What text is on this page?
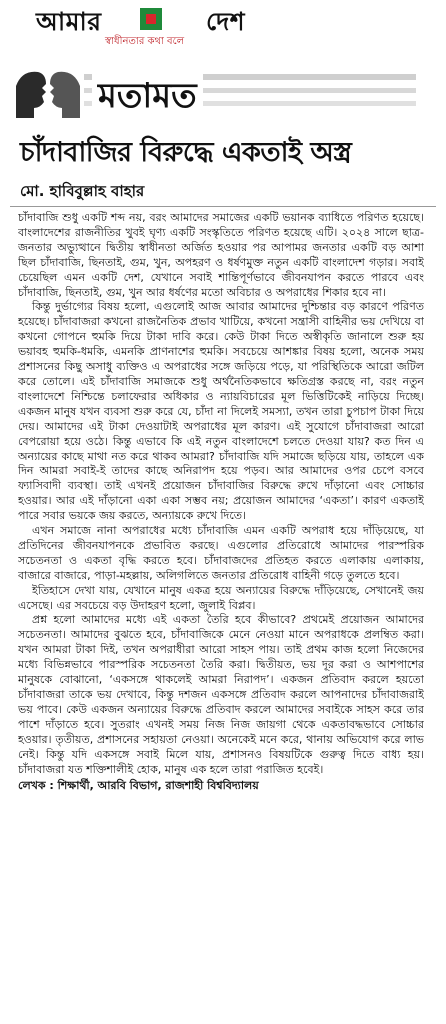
আমার	দেশ
স্বাধীনতার কথা বলে
মতামত
চাঁদাবাজির বিরুদ্ধে একতাই অস্ত্র
মো. হাবিবুল্লাহ বাহার

চাঁদাবাজি শুধু একটি শব্দ নয়, বরং আমাদের সমাজের একটি ভয়ানক ব্যাধিতে পরিণত হয়েছে। বাংলাদেশের রাজনীতির খুবই ঘৃণ্য একটি সংস্কৃতিতে পরিণত হয়েছে এটি। ২০২৪ সালে ছাত্র-জনতার অভ্যুত্থানে দ্বিতীয় স্বাধীনতা অর্জিত হওয়ার পর আপামর জনতার একটি বড় আশা ছিল চাঁদাবাজি, ছিনতাই, গুম, খুন, অপহরণ ও ধর্ষণমুক্ত নতুন একটি বাংলাদেশ গড়ার। সবাই চেয়েছিল এমন একটি দেশ, যেখানে সবাই শান্তিপূর্ণভাবে জীবনযাপন করতে পারবে এবং চাঁদাবাজি, ছিনতাই, গুম, খুন আর ধর্ষণের মতো অবিচার ও অপরাধের শিকার হবে না।

কিন্তু দুর্ভাগ্যের বিষয় হলো, এগুলোই আজ আবার আমাদের দুশ্চিন্তার বড় কারণে পরিণত হয়েছে। চাঁদাবাজরা কখনো রাজনৈতিক প্রভাব খাটিয়ে, কখনো সন্ত্রাসী বাহিনীর ভয় দেখিয়ে বা কখনো গোপনে হুমকি দিয়ে টাকা দাবি করে। কেউ টাকা দিতে অস্বীকৃতি জানালে শুরু হয় ভয়াবহ হুমকি-ধমকি, এমনকি প্রাণনাশের হুমকি। সবচেয়ে আশঙ্কার বিষয় হলো, অনেক সময় প্রশাসনের কিছু অসাধু ব্যক্তিও এ অপরাধের সঙ্গে জড়িয়ে পড়ে, যা পরিস্থিতিকে আরো জটিল করে তোলে। এই চাঁদাবাজি সমাজকে শুধু অর্থনৈতিকভাবে ক্ষতিগ্রস্ত করছে না, বরং নতুন বাংলাদেশে নিশ্চিন্তে চলাফেরার অধিকার ও ন্যায়বিচারের মূল ভিত্তিটিকেই নাড়িয়ে দিচ্ছে। একজন মানুষ যখন ব্যবসা শুরু করে যে, চাঁদা না দিলেই সমস্যা, তখন তারা চুপচাপ টাকা দিয়ে দেয়। আমাদের এই টাকা দেওয়াটাই অপরাধের মূল কারণ। এই সুযোগে চাঁদাবাজরা আরো বেপরোয়া হয়ে ওঠে। কিন্তু এভাবে কি এই নতুন বাংলাদেশে চলতে দেওয়া যায়? কত দিন এ অন্যায়ের কাছে মাথা নত করে থাকব আমরা? চাঁদাবাজি যদি সমাজে ছড়িয়ে যায়, তাহলে এক দিন আমরা সবাই-ই তাদের কাছে অনিরাপদ হয়ে পড়ব। আর আমাদের ওপর চেপে বসবে ফ্যাসিবাদী ব্যবস্থা। তাই এখনই প্রয়োজন চাঁদাবাজির বিরুদ্ধে রুখে দাঁড়ানো এবং সোচ্চার হওয়ার। আর এই দাঁড়ানো একা একা সম্ভব নয়; প্রয়োজন আমাদের ‘একতা’। কারণ একতাই পারে সবার ভয়কে জয় করতে, অন্যায়কে রুখে দিতে।

এখন সমাজে নানা অপরাধের মধ্যে চাঁদাবাজি এমন একটি অপরাধ হয়ে দাঁড়িয়েছে, যা প্রতিদিনের জীবনযাপনকে প্রভাবিত করছে। এগুলোর প্রতিরোধে আমাদের পারস্পরিক সচেতনতা ও একতা বৃদ্ধি করতে হবে। চাঁদাবাজদের প্রতিহত করতে এলাকায় এলাকায়, বাজারে বাজারে, পাড়া-মহল্লায়, অলিগলিতে জনতার প্রতিরোধ বাহিনী গড়ে তুলতে হবে।

ইতিহাসে দেখা যায়, যেখানে মানুষ একত্র হয়ে অন্যায়ের বিরুদ্ধে দাঁড়িয়েছে, সেখানেই জয় এসেছে। এর সবচেয়ে বড় উদাহরণ হলো, জুলাই বিপ্লব।

প্রশ্ন হলো আমাদের মধ্যে এই একতা তৈরি হবে কীভাবে? প্রথমেই প্রয়োজন আমাদের সচেতনতা। আমাদের বুঝতে হবে, চাঁদাবাজিকে মেনে নেওয়া মানে অপরাধকে প্রলম্বিত করা। যখন আমরা টাকা দিই, তখন অপরাধীরা আরো সাহস পায়। তাই প্রথম কাজ হলো নিজেদের মধ্যে বিভিন্নভাবে পারস্পরিক সচেতনতা তৈরি করা। দ্বিতীয়ত, ভয় দূর করা ও আশপাশের মানুষকে বোঝানো, ‘একসঙ্গে থাকলেই আমরা নিরাপদ’। একজন প্রতিবাদ করলে হয়তো চাঁদাবাজরা তাকে ভয় দেখাবে, কিন্তু দশজন একসঙ্গে প্রতিবাদ করলে আপনাদের চাঁদাবাজরাই ভয় পাবে। কেউ একজন অন্যায়ের বিরুদ্ধে প্রতিবাদ করলে আমাদের সবাইকে সাহস করে তার পাশে দাঁড়াতে হবে। সুতরাং এখনই সময় নিজ নিজ জায়গা থেকে একতাবদ্ধভাবে সোচ্চার হওয়ার। তৃতীয়ত, প্রশাসনের সহায়তা নেওয়া। অনেকেই মনে করে, থানায় অভিযোগ করে লাভ নেই। কিন্তু যদি একসঙ্গে সবাই মিলে যায়, প্রশাসনও বিষয়টিকে গুরুত্ব দিতে বাধ্য হয়। চাঁদাবাজরা যত শক্তিশালীই হোক, মানুষ এক হলে তারা পরাজিত হবেই।

লেখক : শিক্ষার্থী, আরবি বিভাগ, রাজশাহী বিশ্ববিদ্যালয়
